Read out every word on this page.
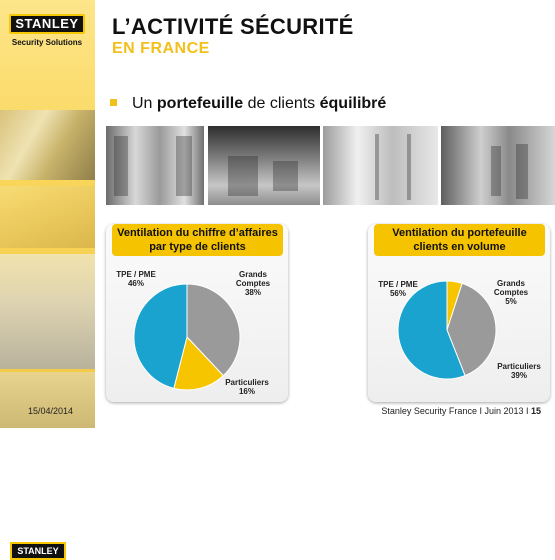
STANLEY
Security Solutions
STANLEY
15/04/2014
L’ACTIVITÉ SÉCURITÉ
EN FRANCE
Un portefeuille de clients équilibré
Ventilation du chiffre d’affaires
par type de clients
TPE / PME
46%
Grands
Comptes
38%
Particuliers
16%
Ventilation du portefeuille
clients en volume
TPE / PME
56%
Grands
Comptes
5%
Particuliers
39%
Stanley Security France I Juin 2013 I 15
